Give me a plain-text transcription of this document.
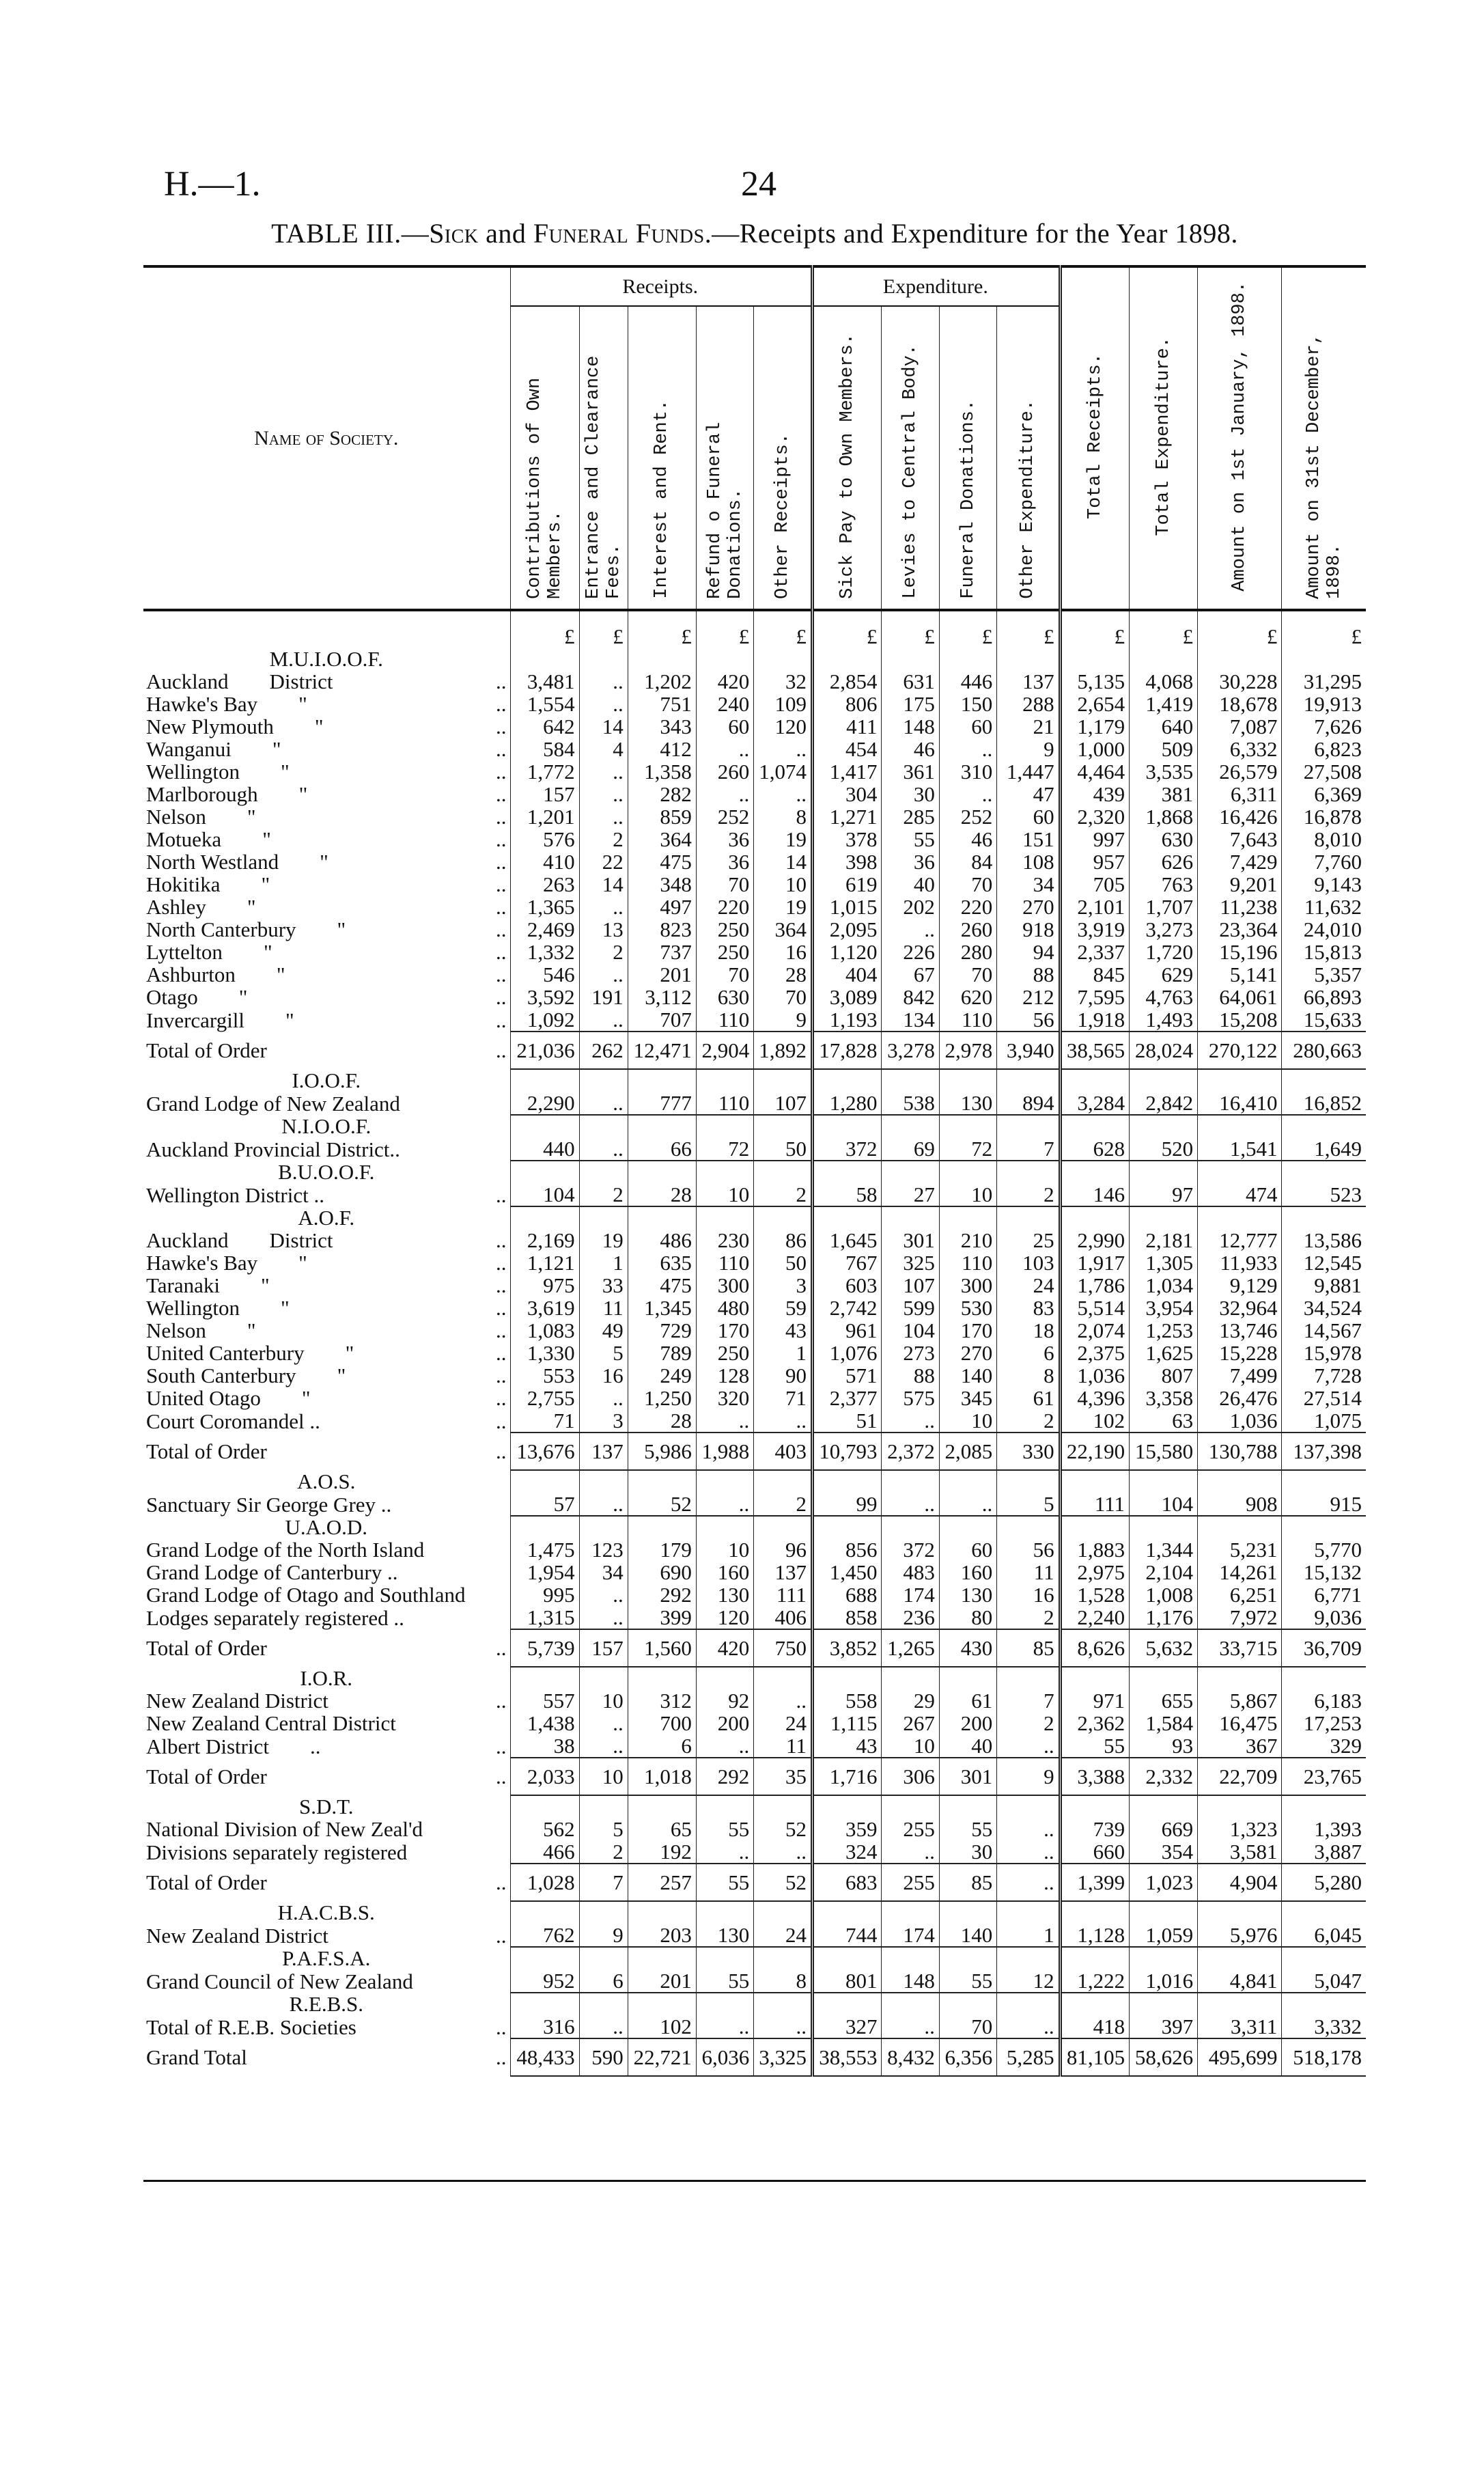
H.—1.	24
TABLE III.—Sick and Funeral Funds.—Receipts and Expenditure for the Year 1898.
Name of Society.	Receipts.					Expenditure.				Total Receipts.	Total Expenditure.	Amount on 1st January, 1898.	Amount on 31st December, 1898.

	Contributions of Own Members.	Entrance and Clearance Fees.	Interest and Rent.	Refund o Funeral Donations.	Other Receipts.	Sick Pay to Own Members.	Levies to Central Body.	Funeral Donations.	Other Expenditure.				

	£	£	£	£	£	£	£	£	£	£	£	£	£
M.U.I.O.O.F.													
Auckland District ..	3,481	..	1,202	420	32	2,854	631	446	137	5,135	4,068	30,228	31,295
Hawke's Bay " ..	1,554	..	751	240	109	806	175	150	288	2,654	1,419	18,678	19,913
New Plymouth " ..	642	14	343	60	120	411	148	60	21	1,179	640	7,087	7,626
Wanganui " ..	584	4	412	..	..	454	46	..	9	1,000	509	6,332	6,823
Wellington " ..	1,772	..	1,358	260	1,074	1,417	361	310	1,447	4,464	3,535	26,579	27,508
Marlborough " ..	157	..	282	..	..	304	30	..	47	439	381	6,311	6,369
Nelson " ..	1,201	..	859	252	8	1,271	285	252	60	2,320	1,868	16,426	16,878
Motueka " ..	576	2	364	36	19	378	55	46	151	997	630	7,643	8,010
North Westland " ..	410	22	475	36	14	398	36	84	108	957	626	7,429	7,760
Hokitika " ..	263	14	348	70	10	619	40	70	34	705	763	9,201	9,143
Ashley " ..	1,365	..	497	220	19	1,015	202	220	270	2,101	1,707	11,238	11,632
North Canterbury " ..	2,469	13	823	250	364	2,095	..	260	918	3,919	3,273	23,364	24,010
Lyttelton " ..	1,332	2	737	250	16	1,120	226	280	94	2,337	1,720	15,196	15,813
Ashburton " ..	546	..	201	70	28	404	67	70	88	845	629	5,141	5,357
Otago " ..	3,592	191	3,112	630	70	3,089	842	620	212	7,595	4,763	64,061	66,893
Invercargill " ..	1,092	..	707	110	9	1,193	134	110	56	1,918	1,493	15,208	15,633
Total of Order ..	21,036	262	12,471	2,904	1,892	17,828	3,278	2,978	3,940	38,565	28,024	270,122	280,663
I.O.O.F.													
Grand Lodge of New Zealand	2,290	..	777	110	107	1,280	538	130	894	3,284	2,842	16,410	16,852
N.I.O.O.F.													
Auckland Provincial District..	440	..	66	72	50	372	69	72	7	628	520	1,541	1,649
B.U.O.O.F.													
Wellington District .. ..	104	2	28	10	2	58	27	10	2	146	97	474	523
A.O.F.													
Auckland District ..	2,169	19	486	230	86	1,645	301	210	25	2,990	2,181	12,777	13,586
Hawke's Bay " ..	1,121	1	635	110	50	767	325	110	103	1,917	1,305	11,933	12,545
Taranaki " ..	975	33	475	300	3	603	107	300	24	1,786	1,034	9,129	9,881
Wellington " ..	3,619	11	1,345	480	59	2,742	599	530	83	5,514	3,954	32,964	34,524
Nelson " ..	1,083	49	729	170	43	961	104	170	18	2,074	1,253	13,746	14,567
United Canterbury " ..	1,330	5	789	250	1	1,076	273	270	6	2,375	1,625	15,228	15,978
South Canterbury " ..	553	16	249	128	90	571	88	140	8	1,036	807	7,499	7,728
United Otago " ..	2,755	..	1,250	320	71	2,377	575	345	61	4,396	3,358	26,476	27,514
Court Coromandel .. ..	71	3	28	..	..	51	..	10	2	102	63	1,036	1,075
Total of Order ..	13,676	137	5,986	1,988	403	10,793	2,372	2,085	330	22,190	15,580	130,788	137,398
A.O.S.													
Sanctuary Sir George Grey ..	57	..	52	..	2	99	..	..	5	111	104	908	915
U.A.O.D.													
Grand Lodge of the North Island	1,475	123	179	10	96	856	372	60	56	1,883	1,344	5,231	5,770
Grand Lodge of Canterbury ..	1,954	34	690	160	137	1,450	483	160	11	2,975	2,104	14,261	15,132
Grand Lodge of Otago and Southland	995	..	292	130	111	688	174	130	16	1,528	1,008	6,251	6,771
Lodges separately registered ..	1,315	..	399	120	406	858	236	80	2	2,240	1,176	7,972	9,036
Total of Order ..	5,739	157	1,560	420	750	3,852	1,265	430	85	8,626	5,632	33,715	36,709
I.O.R.													
New Zealand District ..	557	10	312	92	..	558	29	61	7	971	655	5,867	6,183
New Zealand Central District	1,438	..	700	200	24	1,115	267	200	2	2,362	1,584	16,475	17,253
Albert District .. ..	38	..	6	..	11	43	10	40	..	55	93	367	329
Total of Order ..	2,033	10	1,018	292	35	1,716	306	301	9	3,388	2,332	22,709	23,765
S.D.T.													
National Division of New Zeal'd	562	5	65	55	52	359	255	55	..	739	669	1,323	1,393
Divisions separately registered	466	2	192	..	..	324	..	30	..	660	354	3,581	3,887
Total of Order ..	1,028	7	257	55	52	683	255	85	..	1,399	1,023	4,904	5,280
H.A.C.B.S.													
New Zealand District ..	762	9	203	130	24	744	174	140	1	1,128	1,059	5,976	6,045
P.A.F.S.A.													
Grand Council of New Zealand	952	6	201	55	8	801	148	55	12	1,222	1,016	4,841	5,047
R.E.B.S.													
Total of R.E.B. Societies ..	316	..	102	..	..	327	..	70	..	418	397	3,311	3,332
Grand Total ..	48,433	590	22,721	6,036	3,325	38,553	8,432	6,356	5,285	81,105	58,626	495,699	518,178
